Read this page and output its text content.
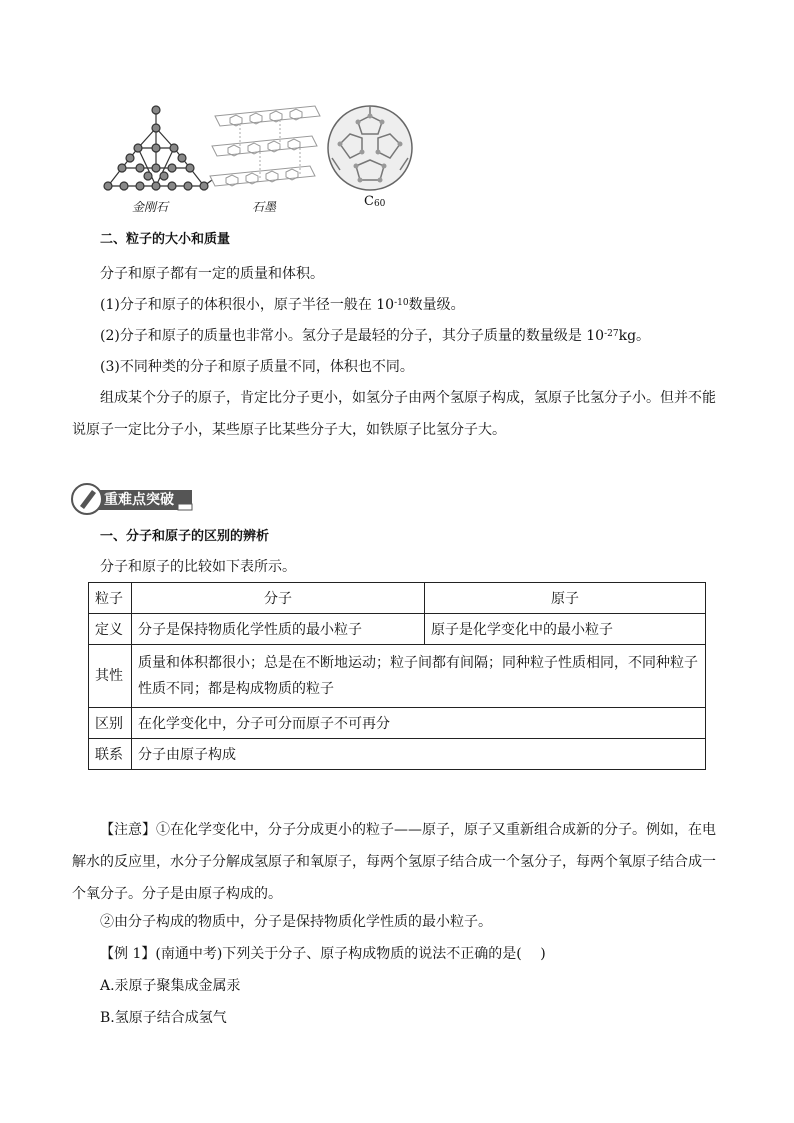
金刚石	石墨	C60
二、粒子的大小和质量
分子和原子都有一定的质量和体积。
(1)分子和原子的体积很小，原子半径一般在 $10^{-10}$数量级。
(2)分子和原子的质量也非常小。氢分子是最轻的分子，其分子质量的数量级是 $10^{-27}kg$。
(3)不同种类的分子和原子质量不同，体积也不同。
组成某个分子的原子，肯定比分子更小，如氢分子由两个氢原子构成，氢原子比氢分子小。但并不能
说原子一定比分子小，某些原子比某些分子大，如铁原子比氢分子大。
重难点突破
一、分子和原子的区别的辨析
分子和原子的比较如下表所示。
粒子	分子	原子
定义	分子是保持物质化学性质的最小粒子	原子是化学变化中的最小粒子
其性	质量和体积都很小；总是在不断地运动；粒子间都有间隔；同种粒子性质相同，不同种粒子
性质不同；都是构成物质的粒子	
区别	在化学变化中，分子可分而原子不可再分	
联系	分子由原子构成	
【注意】①在化学变化中，分子分成更小的粒子——原子，原子又重新组合成新的分子。例如，在电
解水的反应里，水分子分解成氢原子和氧原子，每两个氢原子结合成一个氢分子，每两个氧原子结合成一
个氧分子。分子是由原子构成的。
②由分子构成的物质中，分子是保持物质化学性质的最小粒子。
【例 1】(南通中考)下列关于分子、原子构成物质的说法不正确的是(　 )
A.汞原子聚集成金属汞
B.氢原子结合成氢气
